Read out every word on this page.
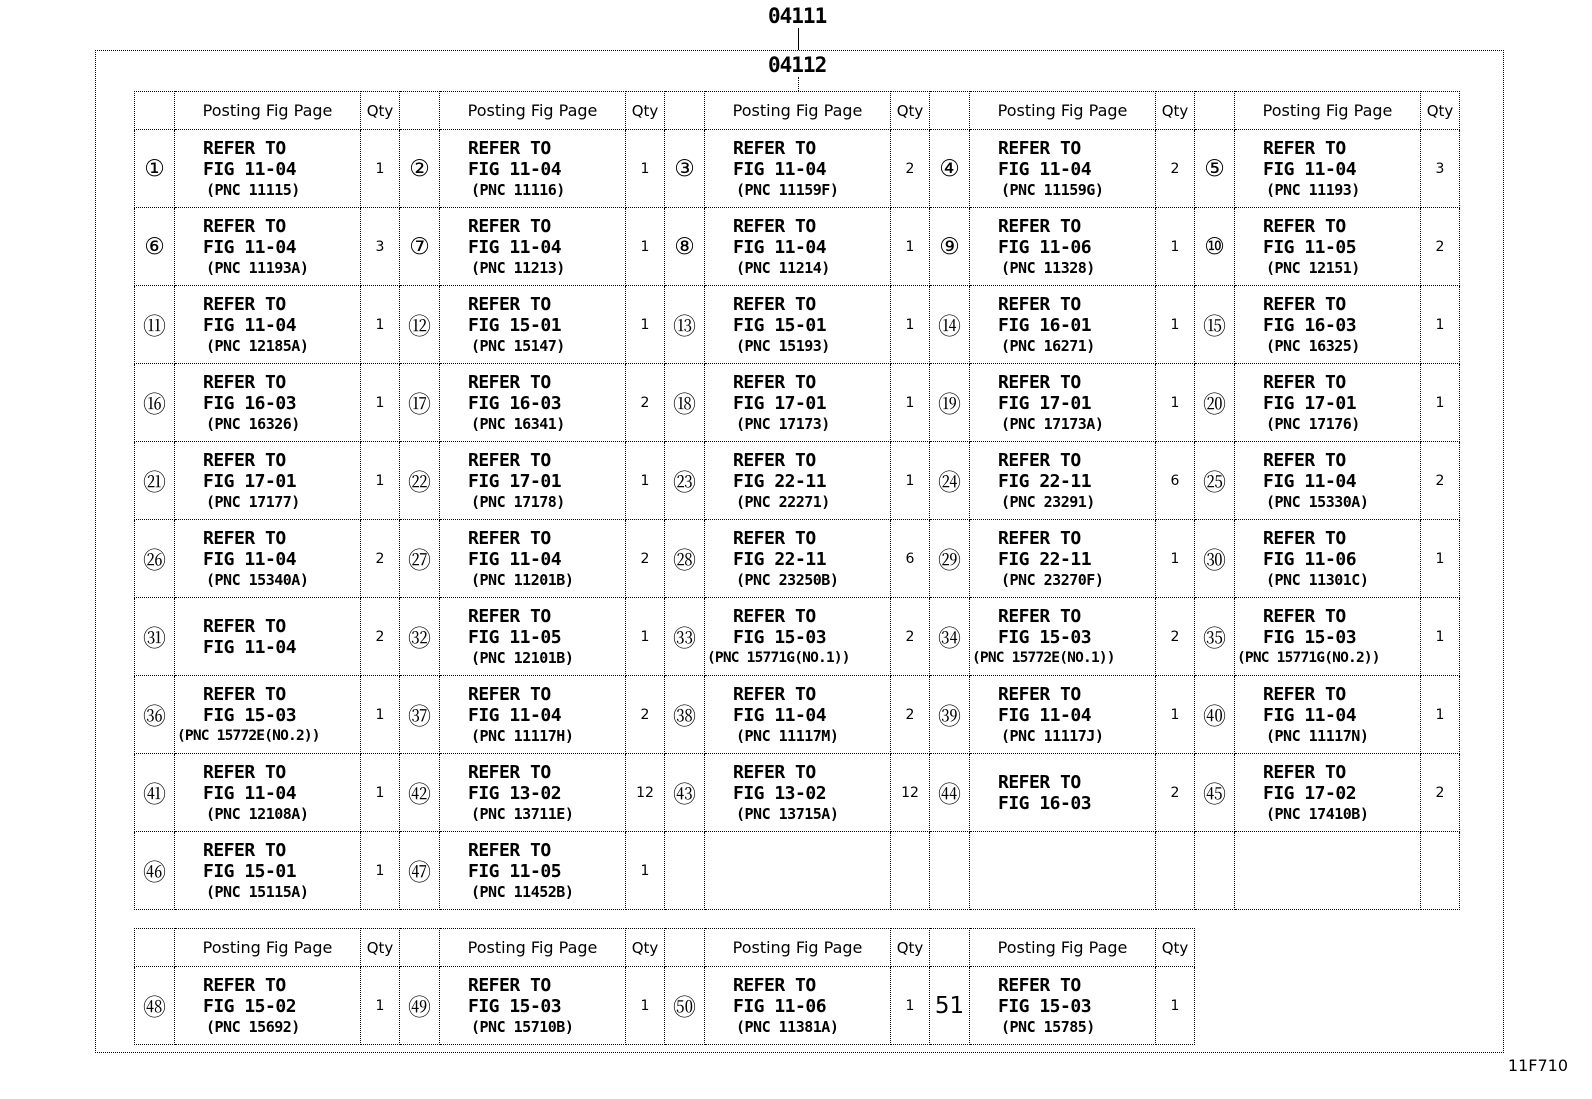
04111
04112
	Posting Fig Page	Qty		Posting Fig Page	Qty		Posting Fig Page	Qty		Posting Fig Page	Qty		Posting Fig Page	Qty
①	REFER TO
FIG 11-04
(PNC 11115)	1	②	REFER TO
FIG 11-04
(PNC 11116)	1	③	REFER TO
FIG 11-04
(PNC 11159F)	2	④	REFER TO
FIG 11-04
(PNC 11159G)	2	⑤	REFER TO
FIG 11-04
(PNC 11193)	3
⑥	REFER TO
FIG 11-04
(PNC 11193A)	3	⑦	REFER TO
FIG 11-04
(PNC 11213)	1	⑧	REFER TO
FIG 11-04
(PNC 11214)	1	⑨	REFER TO
FIG 11-06
(PNC 11328)	1	⑩	REFER TO
FIG 11-05
(PNC 12151)	2
⑪	REFER TO
FIG 11-04
(PNC 12185A)	1	⑫	REFER TO
FIG 15-01
(PNC 15147)	1	⑬	REFER TO
FIG 15-01
(PNC 15193)	1	⑭	REFER TO
FIG 16-01
(PNC 16271)	1	⑮	REFER TO
FIG 16-03
(PNC 16325)	1
⑯	REFER TO
FIG 16-03
(PNC 16326)	1	⑰	REFER TO
FIG 16-03
(PNC 16341)	2	⑱	REFER TO
FIG 17-01
(PNC 17173)	1	⑲	REFER TO
FIG 17-01
(PNC 17173A)	1	⑳	REFER TO
FIG 17-01
(PNC 17176)	1
㉑	REFER TO
FIG 17-01
(PNC 17177)	1	㉒	REFER TO
FIG 17-01
(PNC 17178)	1	㉓	REFER TO
FIG 22-11
(PNC 22271)	1	㉔	REFER TO
FIG 22-11
(PNC 23291)	6	㉕	REFER TO
FIG 11-04
(PNC 15330A)	2
㉖	REFER TO
FIG 11-04
(PNC 15340A)	2	㉗	REFER TO
FIG 11-04
(PNC 11201B)	2	㉘	REFER TO
FIG 22-11
(PNC 23250B)	6	㉙	REFER TO
FIG 22-11
(PNC 23270F)	1	㉚	REFER TO
FIG 11-06
(PNC 11301C)	1
㉛	REFER TO
FIG 11-04	2	㉜	REFER TO
FIG 11-05
(PNC 12101B)	1	㉝	REFER TO
FIG 15-03
(PNC 15771G(NO.1))	2	㉞	REFER TO
FIG 15-03
(PNC 15772E(NO.1))	2	㉟	REFER TO
FIG 15-03
(PNC 15771G(NO.2))	1
㊱	REFER TO
FIG 15-03
(PNC 15772E(NO.2))	1	㊲	REFER TO
FIG 11-04
(PNC 11117H)	2	㊳	REFER TO
FIG 11-04
(PNC 11117M)	2	㊴	REFER TO
FIG 11-04
(PNC 11117J)	1	㊵	REFER TO
FIG 11-04
(PNC 11117N)	1
㊶	REFER TO
FIG 11-04
(PNC 12108A)	1	㊷	REFER TO
FIG 13-02
(PNC 13711E)	12	㊸	REFER TO
FIG 13-02
(PNC 13715A)	12	㊹	REFER TO
FIG 16-03	2	㊺	REFER TO
FIG 17-02
(PNC 17410B)	2
㊻	REFER TO
FIG 15-01
(PNC 15115A)	1	㊼	REFER TO
FIG 11-05
(PNC 11452B)	1		

	Posting Fig Page	Qty		Posting Fig Page	Qty		Posting Fig Page	Qty		Posting Fig Page	Qty
㊽	REFER TO
FIG 15-02
(PNC 15692)	1	㊾	REFER TO
FIG 15-03
(PNC 15710B)	1	㊿	REFER TO
FIG 11-06
(PNC 11381A)	1	51	REFER TO
FIG 15-03
(PNC 15785)	1
11F710
